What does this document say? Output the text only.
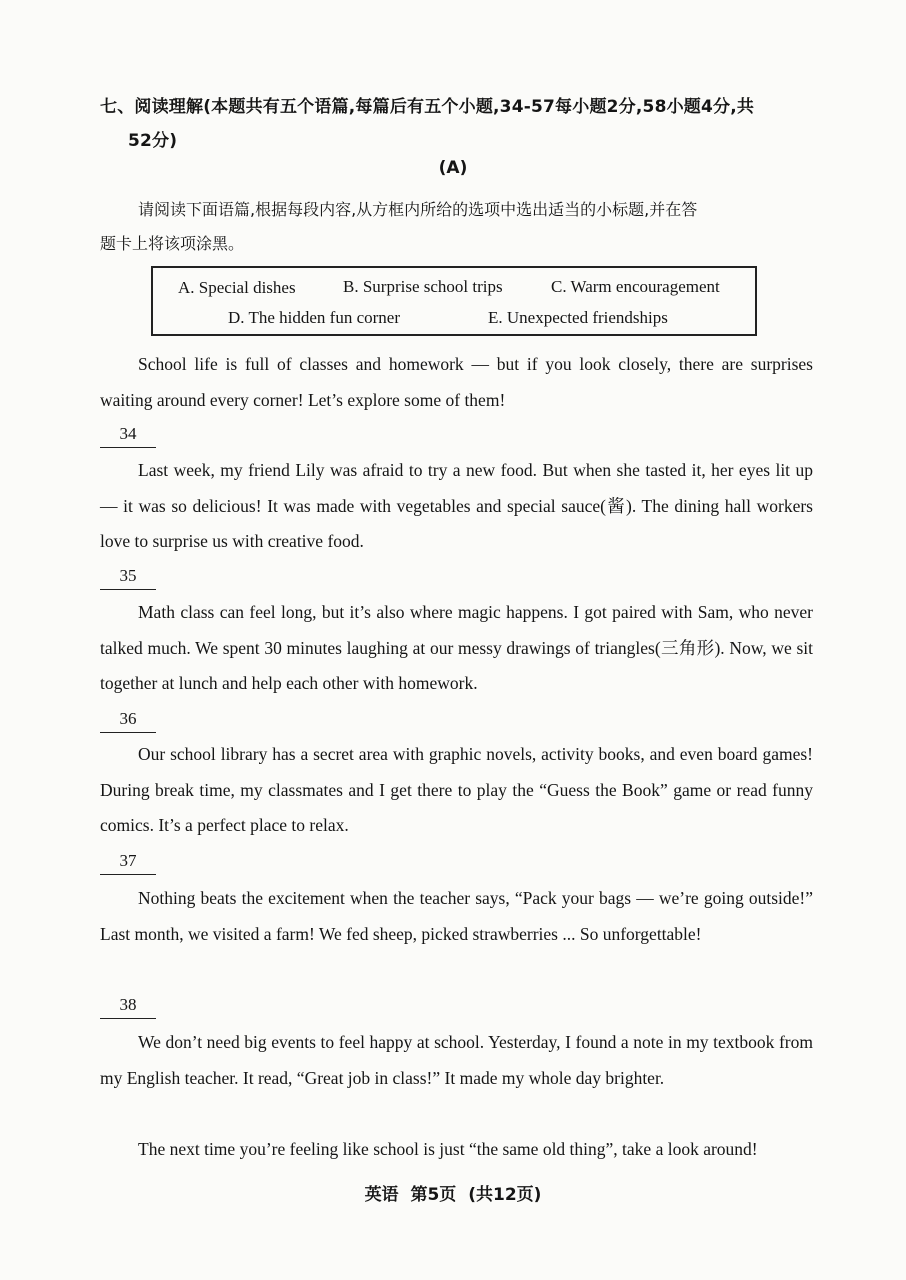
七、阅读理解(本题共有五个语篇,每篇后有五个小题,34-57每小题2分,58小题4分,共
52分)
(A)
请阅读下面语篇,根据每段内容,从方框内所给的选项中选出适当的小标题,并在答
题卡上将该项涂黑。
A. Special dishes	B. Surprise school trips	C. Warm encouragement
D. The hidden fun corner	E. Unexpected friendships

School life is full of classes and homework — but if you look closely, there are surprises waiting around every corner! Let’s explore some of them!

34

Last week, my friend Lily was afraid to try a new food. But when she tasted it, her eyes lit up — it was so delicious! It was made with vegetables and special sauce(酱). The dining hall workers love to surprise us with creative food.

35

Math class can feel long, but it’s also where magic happens. I got paired with Sam, who never talked much. We spent 30 minutes laughing at our messy drawings of triangles(三角形). Now, we sit together at lunch and help each other with homework.

36

Our school library has a secret area with graphic novels, activity books, and even board games! During break time, my classmates and I get there to play the “Guess the Book” game or read funny comics. It’s a perfect place to relax.

37

Nothing beats the excitement when the teacher says, “Pack your bags — we’re going outside!” Last month, we visited a farm! We fed sheep, picked strawberries ... So unforgettable!

38

We don’t need big events to feel happy at school. Yesterday, I found a note in my textbook from my English teacher. It read, “Great job in class!” It made my whole day brighter.

The next time you’re feeling like school is just “the same old thing”, take a look around!

英语 第5页 (共12页)
